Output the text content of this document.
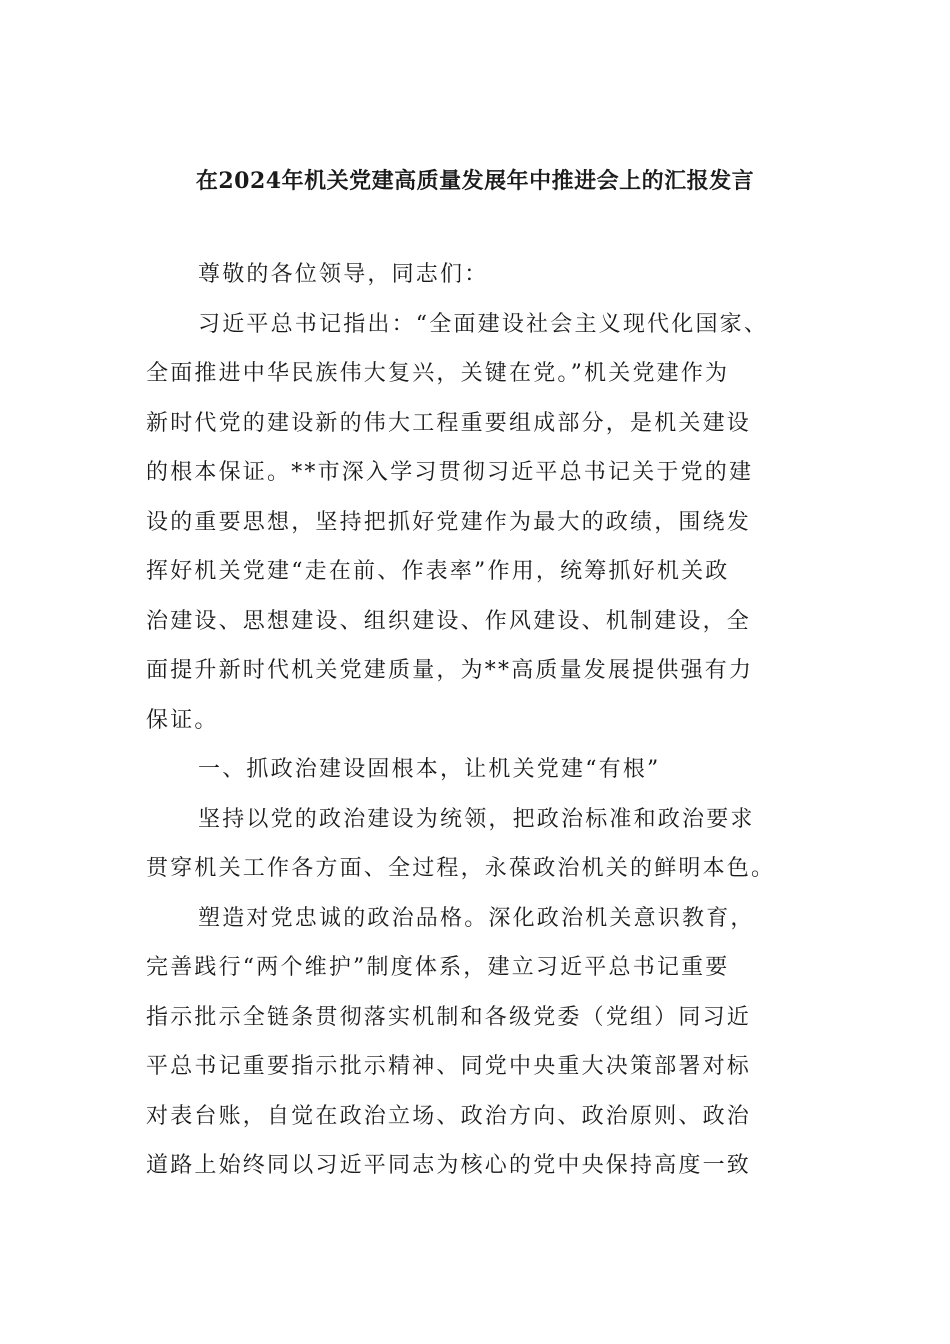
在2024年机关党建高质量发展年中推进会上的汇报发言

尊敬的各位领导，同志们：

习近平总书记指出：“全面建设社会主义现代化国家、
全面推进中华民族伟大复兴，关键在党。”机关党建作为
新时代党的建设新的伟大工程重要组成部分，是机关建设
的根本保证。**市深入学习贯彻习近平总书记关于党的建
设的重要思想，坚持把抓好党建作为最大的政绩，围绕发
挥好机关党建“走在前、作表率”作用，统筹抓好机关政
治建设、思想建设、组织建设、作风建设、机制建设，全
面提升新时代机关党建质量，为**高质量发展提供强有力
保证。

一、抓政治建设固根本，让机关党建“有根”

坚持以党的政治建设为统领，把政治标准和政治要求
贯穿机关工作各方面、全过程，永葆政治机关的鲜明本色。

塑造对党忠诚的政治品格。深化政治机关意识教育，
完善践行“两个维护”制度体系，建立习近平总书记重要
指示批示全链条贯彻落实机制和各级党委（党组）同习近
平总书记重要指示批示精神、同党中央重大决策部署对标
对表台账，自觉在政治立场、政治方向、政治原则、政治
道路上始终同以习近平同志为核心的党中央保持高度一致
